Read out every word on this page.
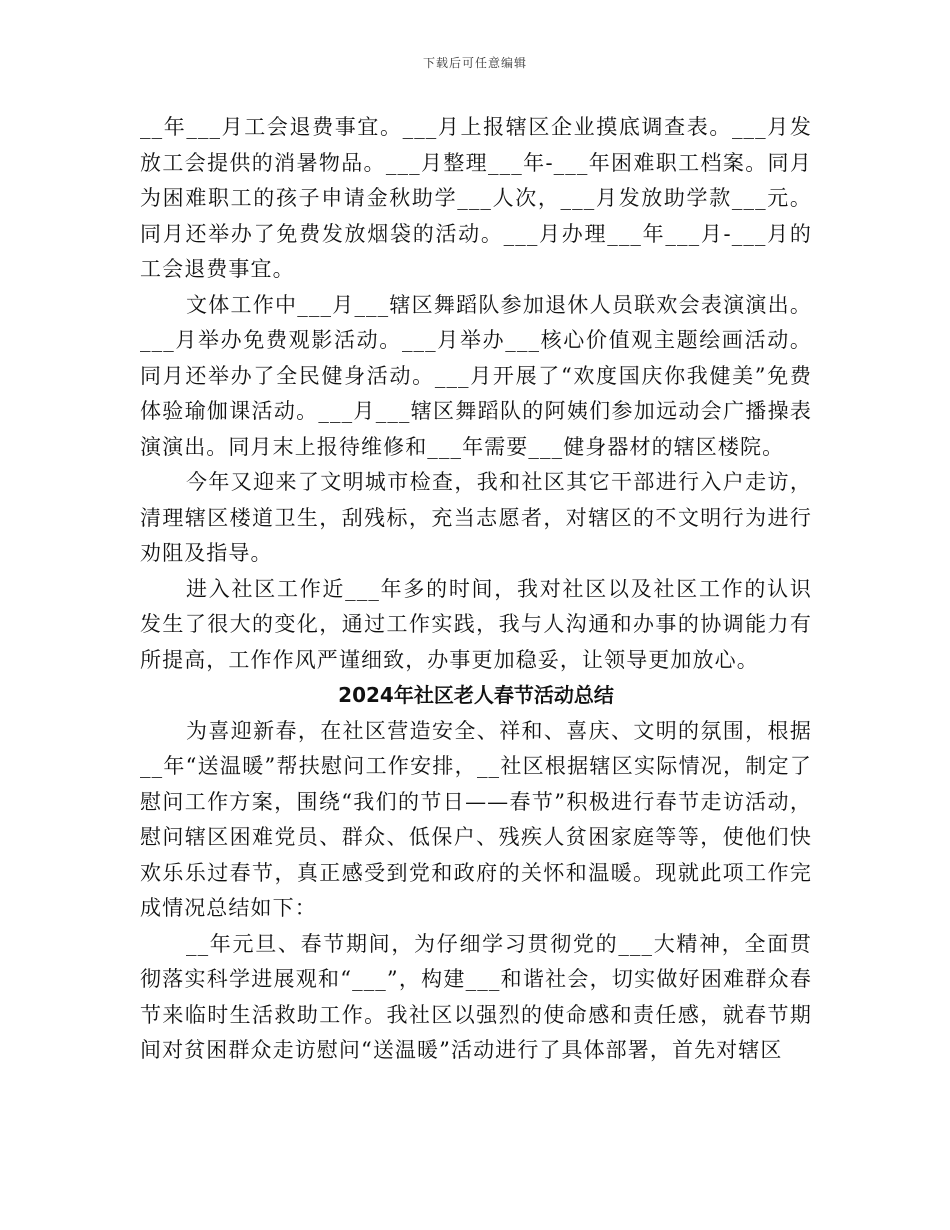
下载后可任意编辑

__年___月工会退费事宜。___月上报辖区企业摸底调查表。___月发放工会提供的消暑物品。___月整理___年-___年困难职工档案。同月为困难职工的孩子申请金秋助学___人次，___月发放助学款___元。同月还举办了免费发放烟袋的活动。___月办理___年___月-___月的工会退费事宜。

文体工作中___月___辖区舞蹈队参加退休人员联欢会表演演出。___月举办免费观影活动。___月举办___核心价值观主题绘画活动。同月还举办了全民健身活动。___月开展了“欢度国庆你我健美”免费体验瑜伽课活动。___月___辖区舞蹈队的阿姨们参加远动会广播操表演演出。同月末上报待维修和___年需要___健身器材的辖区楼院。

今年又迎来了文明城市检查，我和社区其它干部进行入户走访，清理辖区楼道卫生，刮残标，充当志愿者，对辖区的不文明行为进行劝阻及指导。

进入社区工作近___年多的时间，我对社区以及社区工作的认识发生了很大的变化，通过工作实践，我与人沟通和办事的协调能力有所提高，工作作风严谨细致，办事更加稳妥，让领导更加放心。

2024年社区老人春节活动总结

为喜迎新春，在社区营造安全、祥和、喜庆、文明的氛围，根据__年“送温暖”帮扶慰问工作安排，__社区根据辖区实际情况，制定了慰问工作方案，围绕“我们的节日——春节”积极进行春节走访活动，慰问辖区困难党员、群众、低保户、残疾人贫困家庭等等，使他们快欢乐乐过春节，真正感受到党和政府的关怀和温暖。现就此项工作完成情况总结如下：

__年元旦、春节期间，为仔细学习贯彻党的___大精神，全面贯彻落实科学进展观和“___”，构建___和谐社会，切实做好困难群众春节来临时生活救助工作。我社区以强烈的使命感和责任感，就春节期间对贫困群众走访慰问“送温暖”活动进行了具体部署，首先对辖区
